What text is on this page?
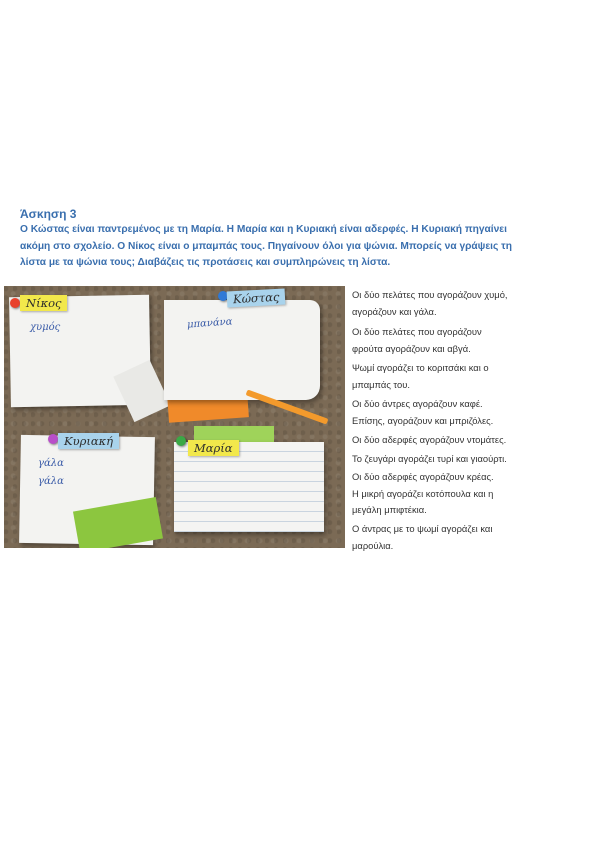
Άσκηση 3
Ο Κώστας είναι παντρεμένος με τη Μαρία. Η Μαρία και η Κυριακή είναι αδερφές. Η Κυριακή πηγαίνει
ακόμη στο σχολείο. Ο Νίκος είναι ο μπαμπάς τους. Πηγαίνουν όλοι για ψώνια. Μπορείς να γράψεις τη
λίστα με τα ψώνια τους; Διαβάζεις τις προτάσεις και συμπληρώνεις τη λίστα.
Νίκος
χυμός
Κώστας
μπανάνα
Κυριακή
γάλα
γάλα
Μαρία
Οι δύο πελάτες που αγοράζουν χυμό,
αγοράζουν και γάλα.
Οι δύο πελάτες που αγοράζουν
φρούτα αγοράζουν και αβγά.
Ψωμί αγοράζει το κοριτσάκι και ο
μπαμπάς του.
Οι δύο άντρες αγοράζουν καφέ.
Επίσης, αγοράζουν και μπριζόλες.
Οι δύο αδερφές αγοράζουν ντομάτες.
Το ζευγάρι αγοράζει τυρί και γιαούρτι.
Οι δύο αδερφές αγοράζουν κρέας.
Η μικρή αγοράζει κοτόπουλα και η
μεγάλη μπιφτέκια.
Ο άντρας με το ψωμί αγοράζει και
μαρούλια.
